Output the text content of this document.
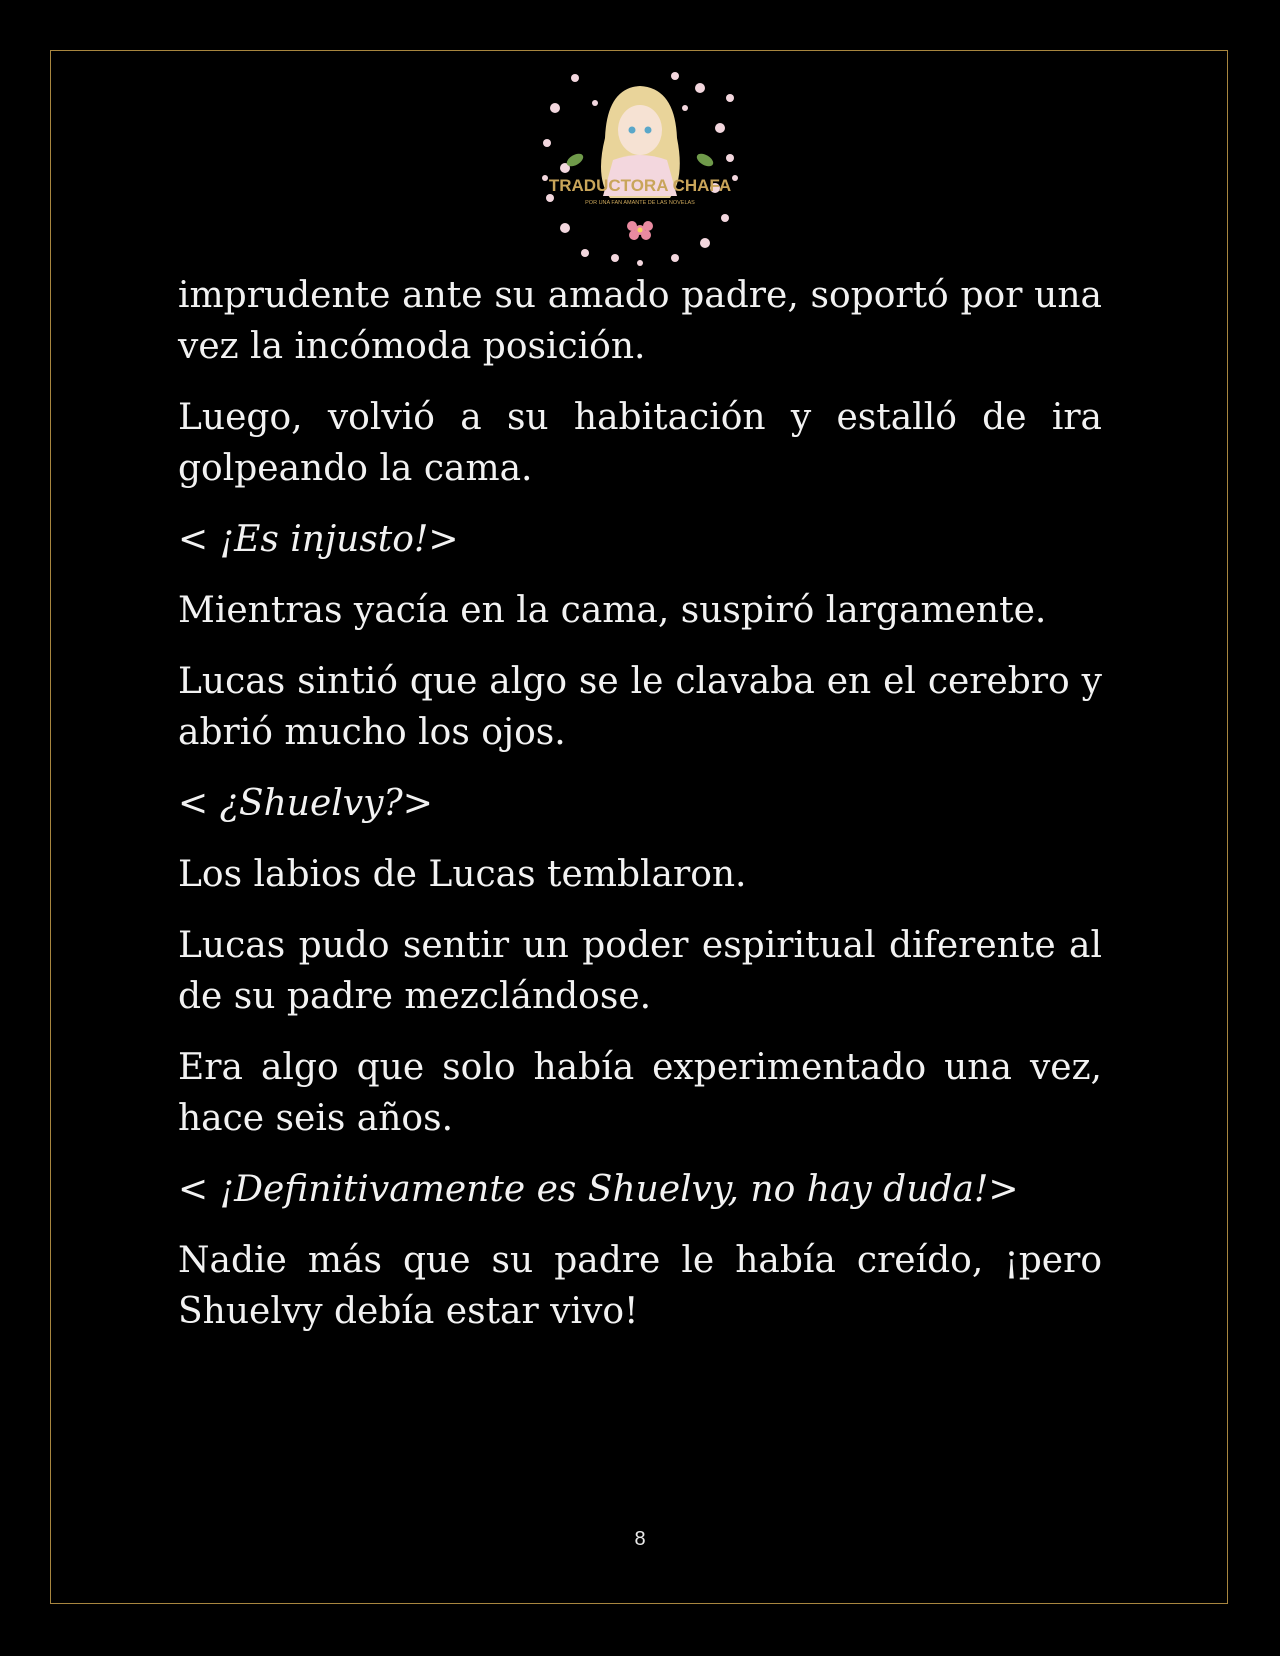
TRADUCTORA CHAFA
POR UNA FAN AMANTE DE LAS NOVELAS

imprudente ante su amado padre, soportó por una vez la incómoda posición.

Luego, volvió a su habitación y estalló de ira golpeando la cama.

< ¡Es injusto!>

Mientras yacía en la cama, suspiró largamente.

Lucas sintió que algo se le clavaba en el cerebro y abrió mucho los ojos.

< ¿Shuelvy?>

Los labios de Lucas temblaron.

Lucas pudo sentir un poder espiritual diferente al de su padre mezclándose.

Era algo que solo había experimentado una vez, hace seis años.

< ¡Definitivamente es Shuelvy, no hay duda!>

Nadie más que su padre le había creído, ¡pero Shuelvy debía estar vivo!

8
